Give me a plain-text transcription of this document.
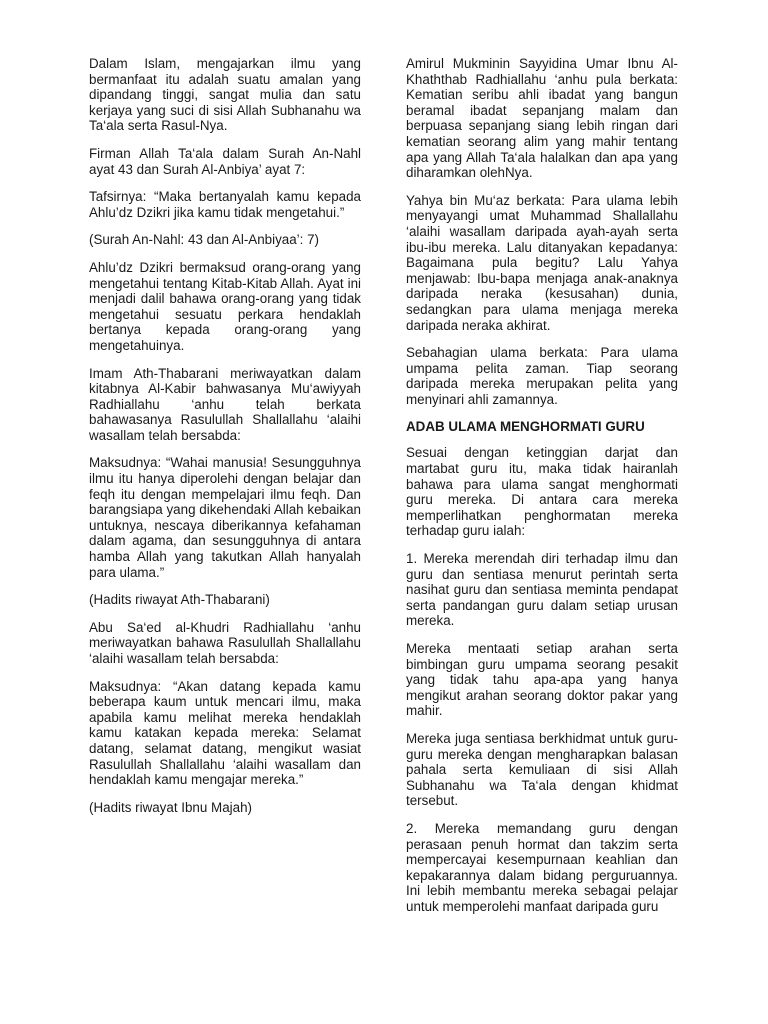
Dalam Islam, mengajarkan ilmu yang bermanfaat itu adalah suatu amalan yang dipandang tinggi, sangat mulia dan satu kerjaya yang suci di sisi Allah Subhanahu wa Ta‘ala serta Rasul-Nya.

Firman Allah Ta‘ala dalam Surah An-Nahl ayat 43 dan Surah Al-Anbiya’ ayat 7:

Tafsirnya: “Maka bertanyalah kamu kepada Ahlu’dz Dzikri jika kamu tidak mengetahui.”

(Surah An-Nahl: 43 dan Al-Anbiyaa’: 7)

Ahlu’dz Dzikri bermaksud orang-orang yang mengetahui tentang Kitab-Kitab Allah. Ayat ini menjadi dalil bahawa orang-orang yang tidak mengetahui sesuatu perkara hendaklah bertanya kepada orang-orang yang mengetahuinya.

Imam Ath-Thabarani meriwayatkan dalam kitabnya Al-Kabir bahwasanya Mu‘awiyyah Radhiallahu ‘anhu telah berkata bahawasanya Rasulullah Shallallahu ‘alaihi wasallam telah bersabda:

Maksudnya: “Wahai manusia! Sesungguhnya ilmu itu hanya diperolehi dengan belajar dan feqh itu dengan mempelajari ilmu feqh. Dan barangsiapa yang dikehendaki Allah kebaikan untuknya, nescaya diberikannya kefahaman dalam agama, dan sesungguhnya di antara hamba Allah yang takutkan Allah hanyalah para ulama.”

(Hadits riwayat Ath-Thabarani)

Abu Sa‘ed al-Khudri Radhiallahu ‘anhu meriwayatkan bahawa Rasulullah Shallallahu ‘alaihi wasallam telah bersabda:

Maksudnya: “Akan datang kepada kamu beberapa kaum untuk mencari ilmu, maka apabila kamu melihat mereka hendaklah kamu katakan kepada mereka: Selamat datang, selamat datang, mengikut wasiat Rasulullah Shallallahu ‘alaihi wasallam dan hendaklah kamu mengajar mereka.”

(Hadits riwayat Ibnu Majah)

Amirul Mukminin Sayyidina Umar Ibnu Al-Khaththab Radhiallahu ‘anhu pula berkata: Kematian seribu ahli ibadat yang bangun beramal ibadat sepanjang malam dan berpuasa sepanjang siang lebih ringan dari kematian seorang alim yang mahir tentang apa yang Allah Ta‘ala halalkan dan apa yang diharamkan olehNya.

Yahya bin Mu‘az berkata: Para ulama lebih menyayangi umat Muhammad Shallallahu ‘alaihi wasallam daripada ayah-ayah serta ibu-ibu mereka. Lalu ditanyakan kepadanya: Bagaimana pula begitu? Lalu Yahya menjawab: Ibu-bapa menjaga anak-anaknya daripada neraka (kesusahan) dunia, sedangkan para ulama menjaga mereka daripada neraka akhirat.

Sebahagian ulama berkata: Para ulama umpama pelita zaman. Tiap seorang daripada mereka merupakan pelita yang menyinari ahli zamannya.

ADAB ULAMA MENGHORMATI GURU

Sesuai dengan ketinggian darjat dan martabat guru itu, maka tidak hairanlah bahawa para ulama sangat menghormati guru mereka. Di antara cara mereka memperlihatkan penghormatan mereka terhadap guru ialah:

1. Mereka merendah diri terhadap ilmu dan guru dan sentiasa menurut perintah serta nasihat guru dan sentiasa meminta pendapat serta pandangan guru dalam setiap urusan mereka.

Mereka mentaati setiap arahan serta bimbingan guru umpama seorang pesakit yang tidak tahu apa-apa yang hanya mengikut arahan seorang doktor pakar yang mahir.

Mereka juga sentiasa berkhidmat untuk guru-guru mereka dengan mengharapkan balasan pahala serta kemuliaan di sisi Allah Subhanahu wa Ta‘ala dengan khidmat tersebut.

2. Mereka memandang guru dengan perasaan penuh hormat dan takzim serta mempercayai kesempurnaan keahlian dan kepakarannya dalam bidang perguruannya. Ini lebih membantu mereka sebagai pelajar untuk memperolehi manfaat daripada guru
